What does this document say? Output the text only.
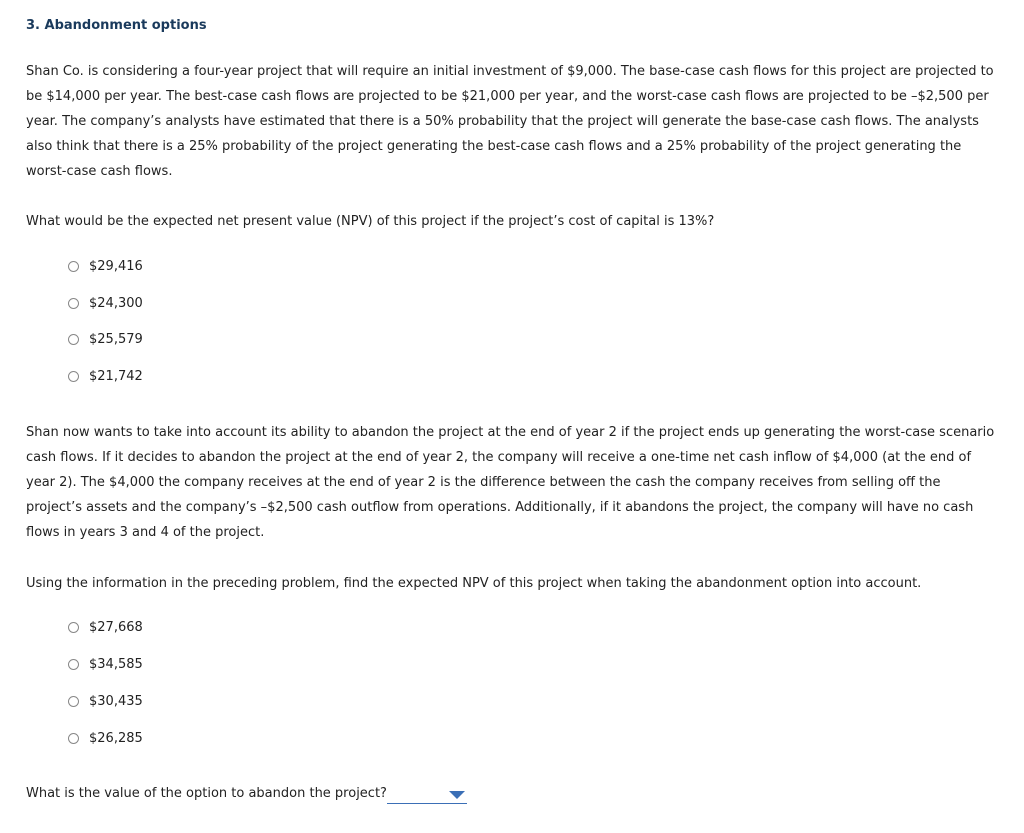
3. Abandonment options

Shan Co. is considering a four-year project that will require an initial investment of $9,000. The base-case cash flows for this project are projected to be $14,000 per year. The best-case cash flows are projected to be $21,000 per year, and the worst-case cash flows are projected to be –$2,500 per year. The company’s analysts have estimated that there is a 50% probability that the project will generate the base-case cash flows. The analysts also think that there is a 25% probability of the project generating the best-case cash flows and a 25% probability of the project generating the worst-case cash flows.

What would be the expected net present value (NPV) of this project if the project’s cost of capital is 13%?

$29,416
$24,300
$25,579
$21,742

Shan now wants to take into account its ability to abandon the project at the end of year 2 if the project ends up generating the worst-case scenario cash flows. If it decides to abandon the project at the end of year 2, the company will receive a one-time net cash inflow of $4,000 (at the end of year 2). The $4,000 the company receives at the end of year 2 is the difference between the cash the company receives from selling off the project’s assets and the company’s –$2,500 cash outflow from operations. Additionally, if it abandons the project, the company will have no cash flows in years 3 and 4 of the project.

Using the information in the preceding problem, find the expected NPV of this project when taking the abandonment option into account.

$27,668
$34,585
$30,435
$26,285

What is the value of the option to abandon the project?
